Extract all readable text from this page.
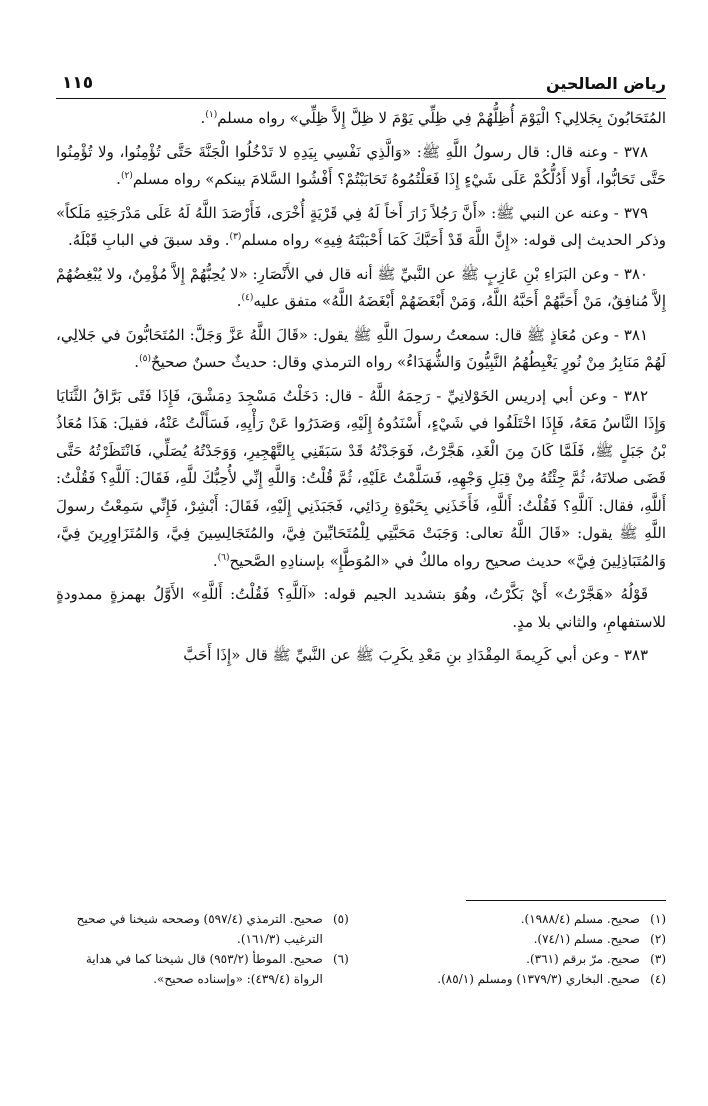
رياض الصالحين
١١٥

المُتَحَابُونَ بِجَلالِي؟ الْيَوْمَ أُظِلُّهُمْ فِي ظِلِّي يَوْمَ لا ظِلَّ إِلاَّ ظِلِّي» رواه مسلم$^{(١)}$.

٣٧٨ - وعنه قال: قال رسولُ اللَّهِ ﷺ: «وَالَّذِي نَفْسِي بِيَدِهِ لا تَدْخُلُوا الْجَنَّةَ حَتَّى تُؤْمِنُوا، ولا تُؤْمِنُوا حَتَّى تَحَابُّوا، أَوَلا أَدُلُّكُمْ عَلَى شَيْءٍ إِذَا فَعَلْتُمُوهُ تَحَابَبْتُمْ؟ أَفْشُوا السَّلامَ بينكم» رواه مسلم$^{(٢)}$.

٣٧٩ - وعنه عن النبي ﷺ: «أَنَّ رَجُلاً زَارَ أَخاً لَهُ فِي قَرْيَةٍ أُخْرَى، فَأَرْصَدَ اللَّهُ لَهُ عَلَى مَدْرَجَتِهِ مَلَكاً» وذكر الحديث إلى قوله: «إِنَّ اللَّهَ قَدْ أَحَبَّكَ كَمَا أَحْبَبْتَهُ فِيهِ» رواه مسلم$^{(٣)}$. وقد سبقَ في البابِ قَبْلَهُ.

٣٨٠ - وعن البَرَاءِ بْنِ عَازِبٍ ﷺ عن النَّبيِّ ﷺ أنه قال في الأَنْصَارِ: «لا يُحِبُّهُمْ إِلاَّ مُؤْمِنٌ، ولا يُبْغِضُهُمْ إِلاَّ مُنافِقٌ، مَنْ أَحَبَّهُمْ أَحَبَّهُ اللَّهُ، وَمَنْ أَبْغَضَهُمْ أَبْغَضَهُ اللَّهُ» متفق عليه$^{(٤)}$.

٣٨١ - وعن مُعَاذٍ ﷺ قال: سمعتُ رسولَ اللَّهِ ﷺ يقول: «قَالَ اللَّهُ عَزَّ وَجَلَّ: المُتَحَابُّونَ في جَلالِي، لَهُمْ مَنَابِرُ مِنْ نُورٍ يَغْبِطُهُمُ النَّبِيُّونَ وَالشُّهَدَاءُ» رواه الترمذي وقال: حديثٌ حسنٌ صحيحٌ$^{(٥)}$.

٣٨٢ - وعن أبي إدريس الخَوْلانِيِّ - رَحِمَهُ اللَّهُ - قال: دَخَلْتُ مَسْجِدَ دِمَشْقَ، فَإِذَا فَتًى بَرَّاقُ الثَّنَايَا وَإِذَا النَّاسُ مَعَهُ، فَإِذَا اخْتَلَفُوا في شَيْءٍ، أَسْنَدُوهُ إِلَيْهِ، وَصَدَرُوا عَنْ رَأْيِهِ، فَسَأَلْتُ عَنْهُ، فقيلَ: هَذَا مُعَاذُ بْنُ جَبَلٍ ﷺ، فَلَمَّا كَانَ مِنَ الْغَدِ، هَجَّرْتُ، فَوَجَدْتُهُ قَدْ سَبَقَنِي بِالتَّهْجِيرِ، وَوَجَدْتُهُ يُصَلِّي، فَانْتَظَرْتُهُ حَتَّى قَضَى صلاتَهُ، ثُمَّ جِئْتُهُ مِنْ قِبَلِ وَجْهِهِ، فَسَلَّمْتُ عَلَيْهِ، ثُمَّ قُلْتُ: وَاللَّهِ إِنِّي لأُحِبُّكَ للَّهِ، فَقَالَ: آللَّهِ؟ فَقُلْتُ: أَللَّهِ، فقال: آللَّهِ؟ فَقُلْتُ: أَللَّهِ، فَأَخَذَنِي بِحَبْوَةِ رِدَائِي، فَجَبَذَنِي إِلَيْهِ، فَقَالَ: أَبْشِرْ، فَإِنِّي سَمِعْتُ رسولَ اللَّهِ ﷺ يقول: «قَالَ اللَّهُ تعالى: وَجَبَتْ مَحَبَّتِي لِلْمُتَحَابِّينَ فِيَّ، والمُتَجَالِسِينَ فِيَّ، وَالمُتَزَاوِرِينَ فِيَّ، وَالمُتَبَاذِلِينَ فِيَّ» حديث صحيح رواه مالكٌ في «المُوَطَّإِ» بإسنادِهِ الصَّحيح$^{(٦)}$.

قَوْلُهُ «هَجَّرْتُ» أَيْ بَكَّرْتُ، وهُوَ بتشديد الجيم قوله: «آللَّهِ؟ فَقُلْتُ: أَللَّهِ» الأَوَّلُ بهمزةٍ ممدودةٍ للاستفهامِ، والثاني بلا مدٍ.

٣٨٣ - وعن أبي كَرِيمةَ المِقْدَادِ بنِ مَعْدِ يكَرِبَ ﷺ عن النَّبيِّ ﷺ قال «إِذَا أَحَبَّ

(١)
صحيح. مسلم (١٩٨٨/٤).
(٢)
صحيح. مسلم (٧٤/١).
(٣)
صحيح. مرّ برقم (٣٦١).
(٤)
صحيح. البخاري (١٣٧٩/٣) ومسلم (٨٥/١).
(٥)
صحيح. الترمذي (٥٩٧/٤) وصححه شيخنا في صحيح الترغيب (١٦١/٣).
(٦)
صحيح. الموطأ (٩٥٣/٢) قال شيخنا كما في هداية الرواة (٤٣٩/٤): «وإسناده صحيح».
